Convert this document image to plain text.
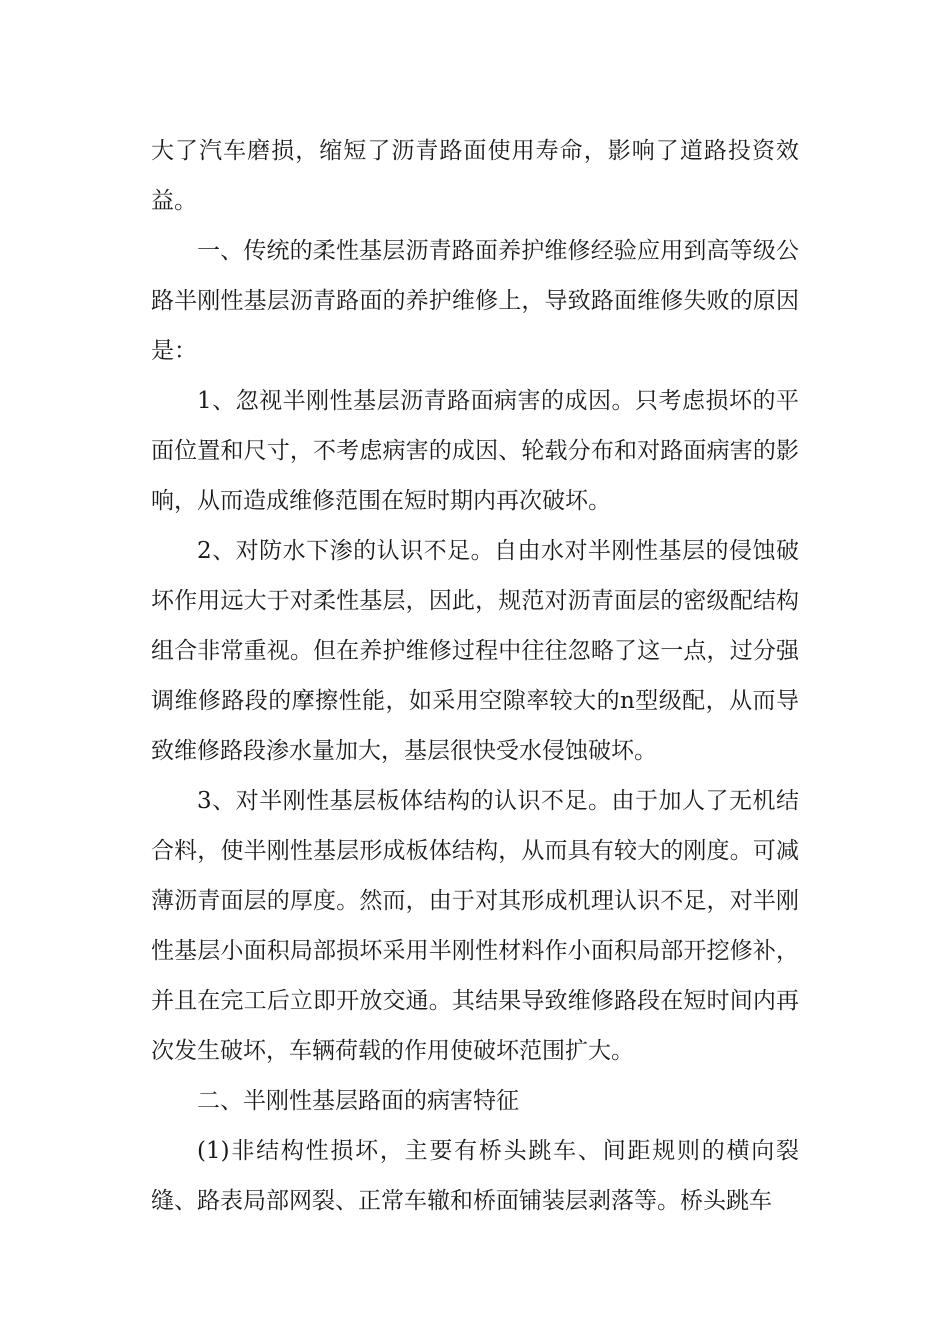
大了汽车磨损，缩短了沥青路面使用寿命，影响了道路投资效益。

一、传统的柔性基层沥青路面养护维修经验应用到高等级公路半刚性基层沥青路面的养护维修上，导致路面维修失败的原因是：

1、忽视半刚性基层沥青路面病害的成因。只考虑损坏的平面位置和尺寸，不考虑病害的成因、轮载分布和对路面病害的影响，从而造成维修范围在短时期内再次破坏。

2、对防水下渗的认识不足。自由水对半刚性基层的侵蚀破坏作用远大于对柔性基层，因此，规范对沥青面层的密级配结构组合非常重视。但在养护维修过程中往往忽略了这一点，过分强调维修路段的摩擦性能，如采用空隙率较大的n型级配，从而导致维修路段渗水量加大，基层很快受水侵蚀破坏。

3、对半刚性基层板体结构的认识不足。由于加人了无机结合料，使半刚性基层形成板体结构，从而具有较大的刚度。可减薄沥青面层的厚度。然而，由于对其形成机理认识不足，对半刚性基层小面积局部损坏采用半刚性材料作小面积局部开挖修补，并且在完工后立即开放交通。其结果导致维修路段在短时间内再次发生破坏，车辆荷载的作用使破坏范围扩大。

二、半刚性基层路面的病害特征

(1)非结构性损坏，主要有桥头跳车、间距规则的横向裂缝、路表局部网裂、正常车辙和桥面铺装层剥落等。桥头跳车
